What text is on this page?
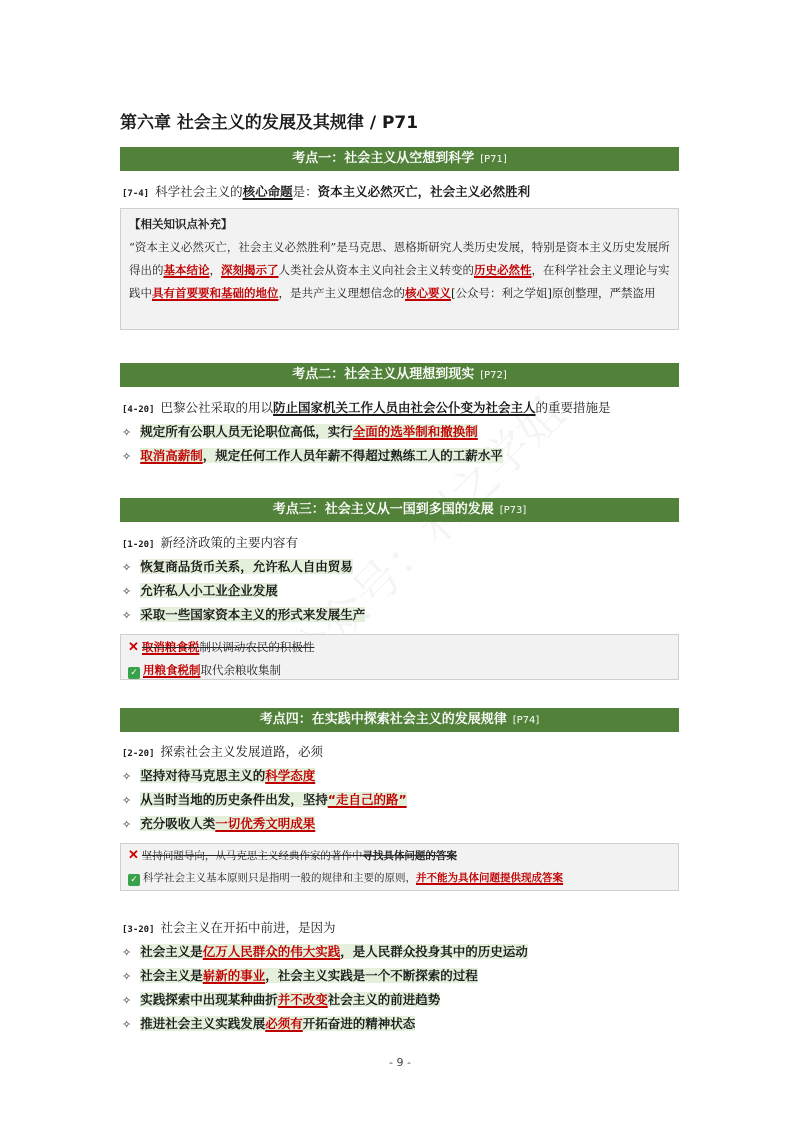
第六章 社会主义的发展及其规律 / P71
考点一：社会主义从空想到科学 [P71]
[7-4] 科学社会主义的核心命题是：资本主义必然灭亡，社会主义必然胜利
【相关知识点补充】
“资本主义必然灭亡，社会主义必然胜利”是马克思、恩格斯研究人类历史发展，特别是资本主义历史发展所得出的基本结论，深刻揭示了人类社会从资本主义向社会主义转变的历史必然性，在科学社会主义理论与实践中具有首要要和基础的地位，是共产主义理想信念的核心要义[公众号：利之学姐]原创整理，严禁盗用
考点二：社会主义从理想到现实 [P72]
[4-20] 巴黎公社采取的用以防止国家机关工作人员由社会公仆变为社会主人的重要措施是
✧ 规定所有公职人员无论职位高低，实行全面的选举制和撤换制
✧ 取消高薪制，规定任何工作人员年薪不得超过熟练工人的工薪水平
考点三：社会主义从一国到多国的发展 [P73]
[1-20] 新经济政策的主要内容有
✧ 恢复商品货币关系，允许私人自由贸易
✧ 允许私人小工业企业发展
✧ 采取一些国家资本主义的形式来发展生产
✕ 取消粮食税制以调动农民的积极性
✓ 用粮食税制取代余粮收集制
考点四：在实践中探索社会主义的发展规律 [P74]
[2-20] 探索社会主义发展道路，必须
✧ 坚持对待马克思主义的科学态度
✧ 从当时当地的历史条件出发，坚持“走自己的路”
✧ 充分吸收人类一切优秀文明成果
✕ 坚持问题导向，从马克思主义经典作家的著作中寻找具体问题的答案
✓ 科学社会主义基本原则只是指明一般的规律和主要的原则，并不能为具体问题提供现成答案
[3-20] 社会主义在开拓中前进，是因为
✧ 社会主义是亿万人民群众的伟大实践，是人民群众投身其中的历史运动
✧ 社会主义是崭新的事业，社会主义实践是一个不断探索的过程
✧ 实践探索中出现某种曲折并不改变社会主义的前进趋势
✧ 推进社会主义实践发展必须有开拓奋进的精神状态
- 9 -
